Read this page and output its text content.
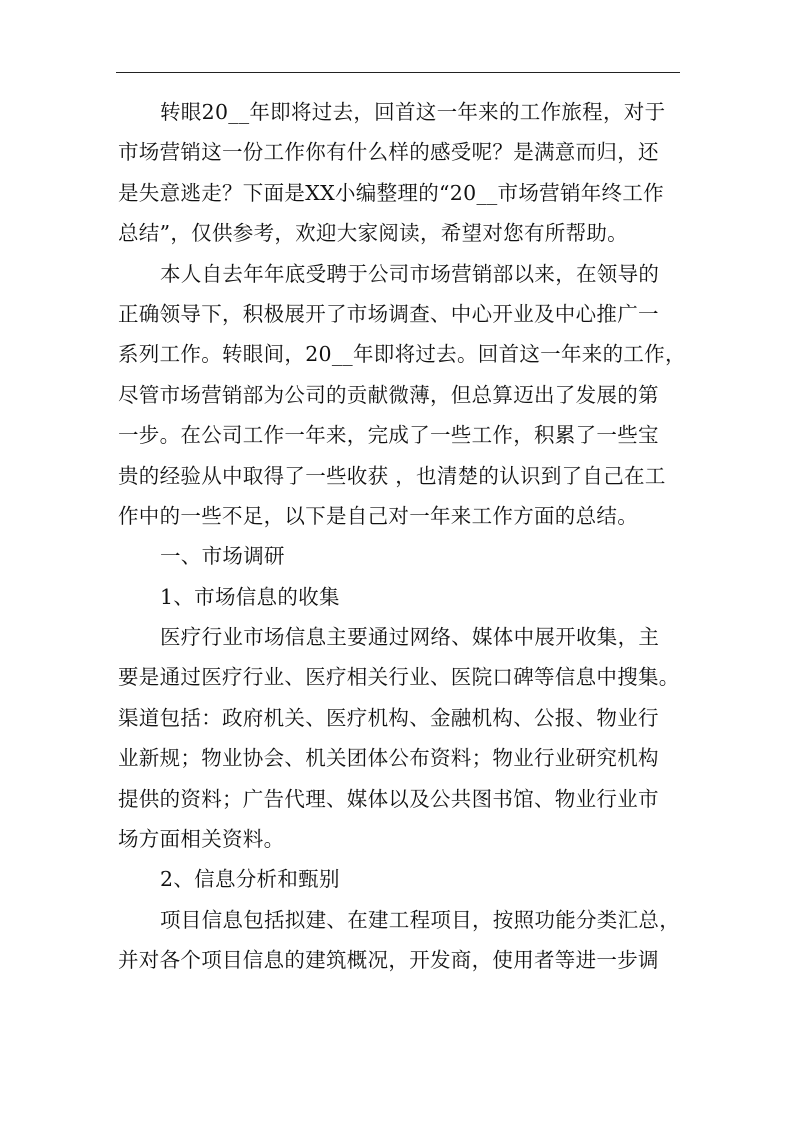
转眼20__年即将过去，回首这一年来的工作旅程，对于
市场营销这一份工作你有什么样的感受呢？是满意而归，还
是失意逃走？下面是XX小编整理的“20__市场营销年终工作
总结”，仅供参考，欢迎大家阅读，希望对您有所帮助。
本人自去年年底受聘于公司市场营销部以来，在领导的
正确领导下，积极展开了市场调查、中心开业及中心推广一
系列工作。转眼间，20__年即将过去。回首这一年来的工作，
尽管市场营销部为公司的贡献微薄，但总算迈出了发展的第
一步。在公司工作一年来，完成了一些工作，积累了一些宝
贵的经验从中取得了一些收获 ，也清楚的认识到了自己在工
作中的一些不足，以下是自己对一年来工作方面的总结。
一、市场调研
1、市场信息的收集
医疗行业市场信息主要通过网络、媒体中展开收集，主
要是通过医疗行业、医疗相关行业、医院口碑等信息中搜集。
渠道包括：政府机关、医疗机构、金融机构、公报、物业行
业新规；物业协会、机关团体公布资料；物业行业研究机构
提供的资料；广告代理、媒体以及公共图书馆、物业行业市
场方面相关资料。
2、信息分析和甄别
项目信息包括拟建、在建工程项目，按照功能分类汇总，
并对各个项目信息的建筑概况，开发商，使用者等进一步调
